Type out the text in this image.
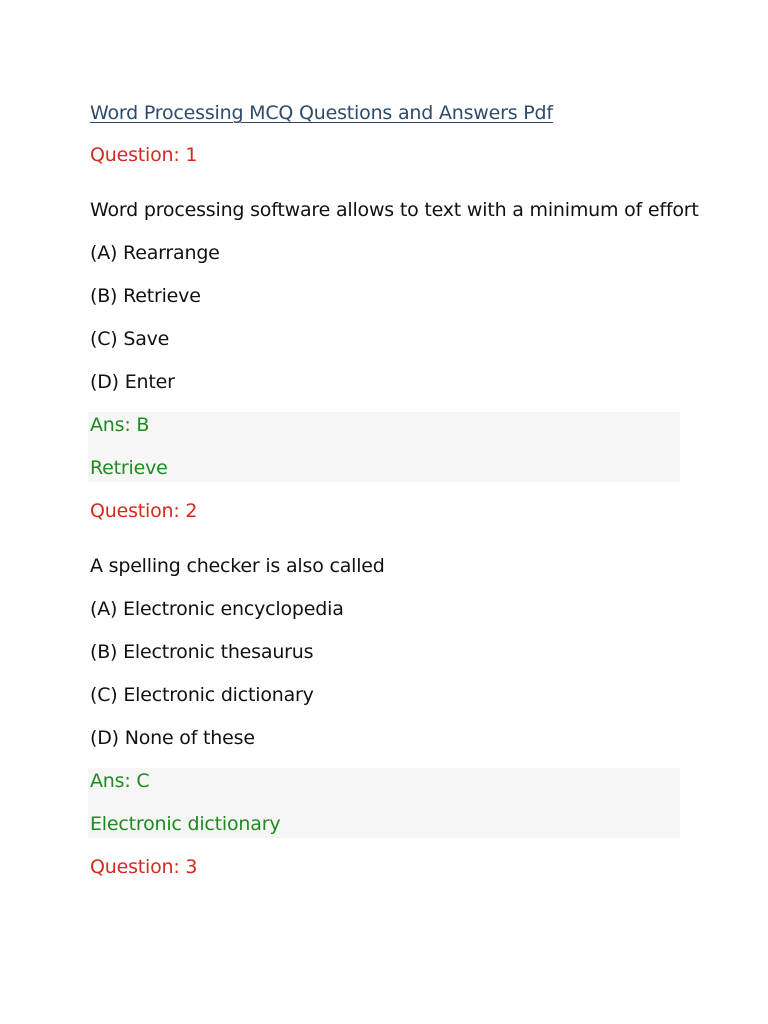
Word Processing MCQ Questions and Answers Pdf
Question: 1
Word processing software allows to text with a minimum of effort
(A) Rearrange
(B) Retrieve
(C) Save
(D) Enter
Ans: B
Retrieve
Question: 2
A spelling checker is also called
(A) Electronic encyclopedia
(B) Electronic thesaurus
(C) Electronic dictionary
(D) None of these
Ans: C
Electronic dictionary
Question: 3
